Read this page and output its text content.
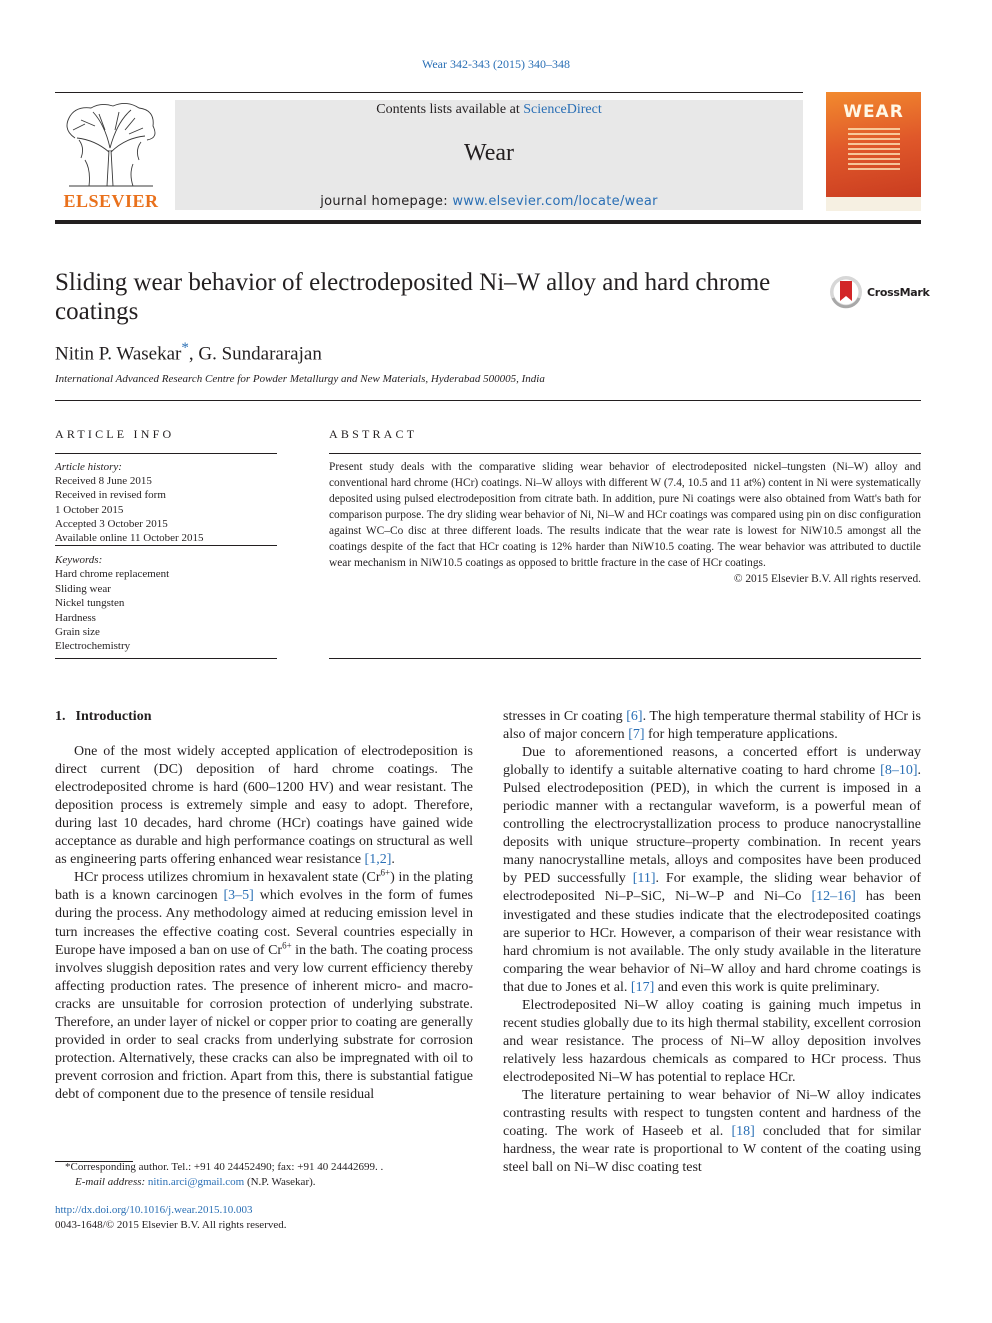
Wear 342-343 (2015) 340–348
ELSEVIER
Contents lists available at ScienceDirect
Wear
journal homepage: www.elsevier.com/locate/wear
WEAR
Sliding wear behavior of electrodeposited Ni–W alloy and hard chrome coatings
CrossMark
Nitin P. Wasekar*, G. Sundararajan
International Advanced Research Centre for Powder Metallurgy and New Materials, Hyderabad 500005, India
ARTICLE INFO	ABSTRACT
Article history:
Received 8 June 2015
Received in revised form
1 October 2015
Accepted 3 October 2015
Available online 11 October 2015
Keywords:
Hard chrome replacement
Sliding wear
Nickel tungsten
Hardness
Grain size
Electrochemistry
Present study deals with the comparative sliding wear behavior of electrodeposited nickel–tungsten (Ni–W) alloy and conventional hard chrome (HCr) coatings. Ni–W alloys with different W (7.4, 10.5 and 11 at%) content in Ni were systematically deposited using pulsed electrodeposition from citrate bath. In addition, pure Ni coatings were also obtained from Watt's bath for comparison purpose. The dry sliding wear behavior of Ni, Ni–W and HCr coatings was compared using pin on disc configuration against WC–Co disc at three different loads. The results indicate that the wear rate is lowest for NiW10.5 amongst all the coatings despite of the fact that HCr coating is 12% harder than NiW10.5 coating. The wear behavior was attributed to ductile wear mechanism in NiW10.5 coatings as opposed to brittle fracture in the case of HCr coatings.
© 2015 Elsevier B.V. All rights reserved.
1. Introduction

One of the most widely accepted application of electrodeposition is direct current (DC) deposition of hard chrome coatings. The electrodeposited chrome is hard (600–1200 HV) and wear resistant. The deposition process is extremely simple and easy to adopt. Therefore, during last 10 decades, hard chrome (HCr) coatings have gained wide acceptance as durable and high performance coatings on structural as well as engineering parts offering enhanced wear resistance [1,2].

HCr process utilizes chromium in hexavalent state $(Cr^{6+})$ in the plating bath is a known carcinogen [3–5] which evolves in the form of fumes during the process. Any methodology aimed at reducing emission level in turn increases the effective coating cost. Several countries especially in Europe have imposed a ban on use of $Cr^{6+}$ in the bath. The coating process involves sluggish deposition rates and very low current efficiency thereby affecting production rates. The presence of inherent micro- and macro-cracks are unsuitable for corrosion protection of underlying substrate. Therefore, an under layer of nickel or copper prior to coating are generally provided in order to seal cracks from underlying substrate for corrosion protection. Alternatively, these cracks can also be impregnated with oil to prevent corrosion and friction. Apart from this, there is substantial fatigue debt of component due to the presence of tensile residual

stresses in Cr coating [6]. The high temperature thermal stability of HCr is also of major concern [7] for high temperature applications.

Due to aforementioned reasons, a concerted effort is underway globally to identify a suitable alternative coating to hard chrome [8–10]. Pulsed electrodeposition (PED), in which the current is imposed in a periodic manner with a rectangular waveform, is a powerful mean of controlling the electrocrystallization process to produce nanocrystalline deposits with unique structure–property combination. In recent years many nanocrystalline metals, alloys and composites have been produced by PED successfully [11]. For example, the sliding wear behavior of electrodeposited Ni–P–SiC, Ni–W–P and Ni–Co [12–16] has been investigated and these studies indicate that the electrodeposited coatings are superior to HCr. However, a comparison of their wear resistance with hard chromium is not available. The only study available in the literature comparing the wear behavior of Ni–W alloy and hard chrome coatings is that due to Jones et al. [17] and even this work is quite preliminary.

Electrodeposited Ni–W alloy coating is gaining much impetus in recent studies globally due to its high thermal stability, excellent corrosion and wear resistance. The process of Ni–W alloy deposition involves relatively less hazardous chemicals as compared to HCr process. Thus electrodeposited Ni–W has potential to replace HCr.

The literature pertaining to wear behavior of Ni–W alloy indicates contrasting results with respect to tungsten content and hardness of the coating. The work of Haseeb et al. [18] concluded that for similar hardness, the wear rate is proportional to W content of the coating using steel ball on Ni–W disc coating test

*Corresponding author. Tel.: +91 40 24452490; fax: +91 40 24442699. .
E-mail address: nitin.arci@gmail.com (N.P. Wasekar).
http://dx.doi.org/10.1016/j.wear.2015.10.003
0043-1648/© 2015 Elsevier B.V. All rights reserved.
